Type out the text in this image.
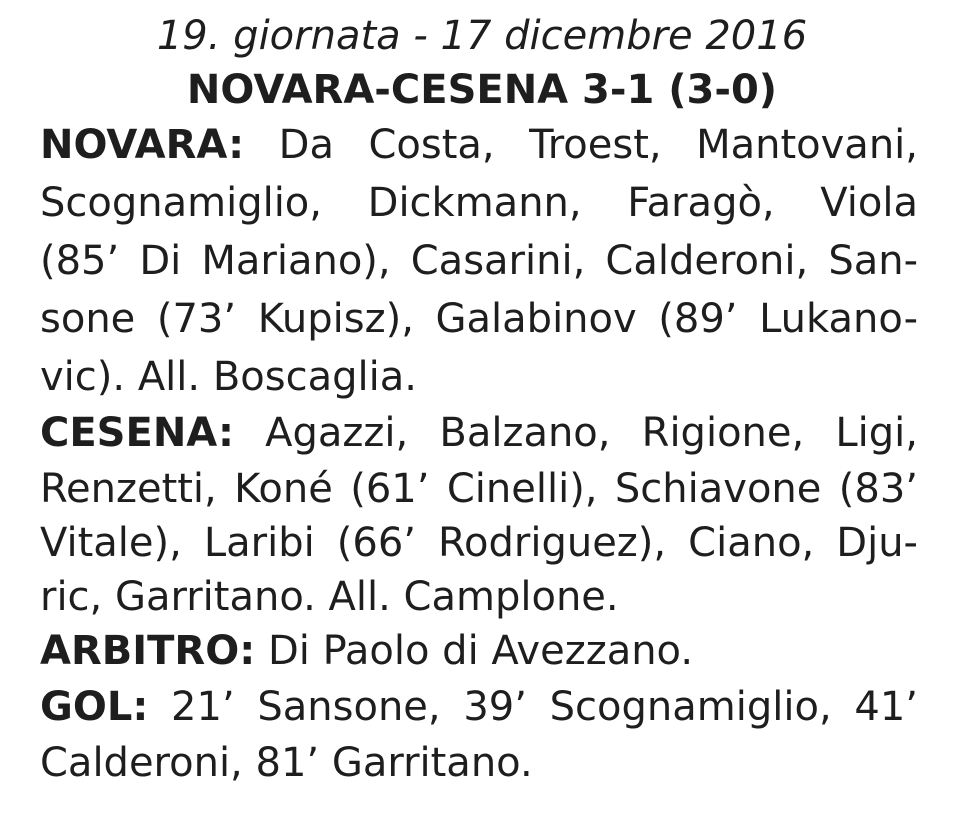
19. giornata - 17 dicembre 2016
NOVARA-CESENA 3-1 (3-0)
NOVARA: Da Costa, Troest, Mantovani,
Scognamiglio, Dickmann, Faragò, Viola
(85’ Di Mariano), Casarini, Calderoni, San-
sone (73’ Kupisz), Galabinov (89’ Lukano-
vic). All. Boscaglia.
CESENA: Agazzi, Balzano, Rigione, Ligi,
Renzetti, Koné (61’ Cinelli), Schiavone (83’
Vitale), Laribi (66’ Rodriguez), Ciano, Dju-
ric, Garritano. All. Camplone.
ARBITRO: Di Paolo di Avezzano.
GOL: 21’ Sansone, 39’ Scognamiglio, 41’
Calderoni, 81’ Garritano.
